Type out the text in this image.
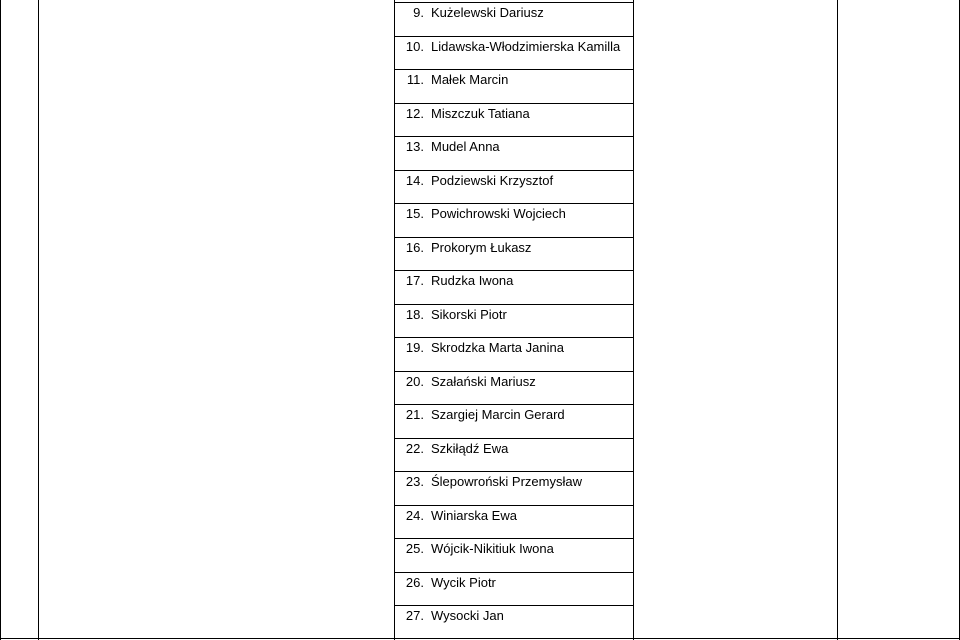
9. Kużelewski Dariusz
10. Lidawska-Włodzimierska Kamilla
11. Małek Marcin
12. Miszczuk Tatiana
13. Mudel Anna
14. Podziewski Krzysztof
15. Powichrowski Wojciech
16. Prokorym Łukasz
17. Rudzka Iwona
18. Sikorski Piotr
19. Skrodzka Marta Janina
20. Szałański Mariusz
21. Szargiej Marcin Gerard
22. Szkiłądź Ewa
23. Ślepowroński Przemysław
24. Winiarska Ewa
25. Wójcik-Nikitiuk Iwona
26. Wycik Piotr
27. Wysocki Jan
